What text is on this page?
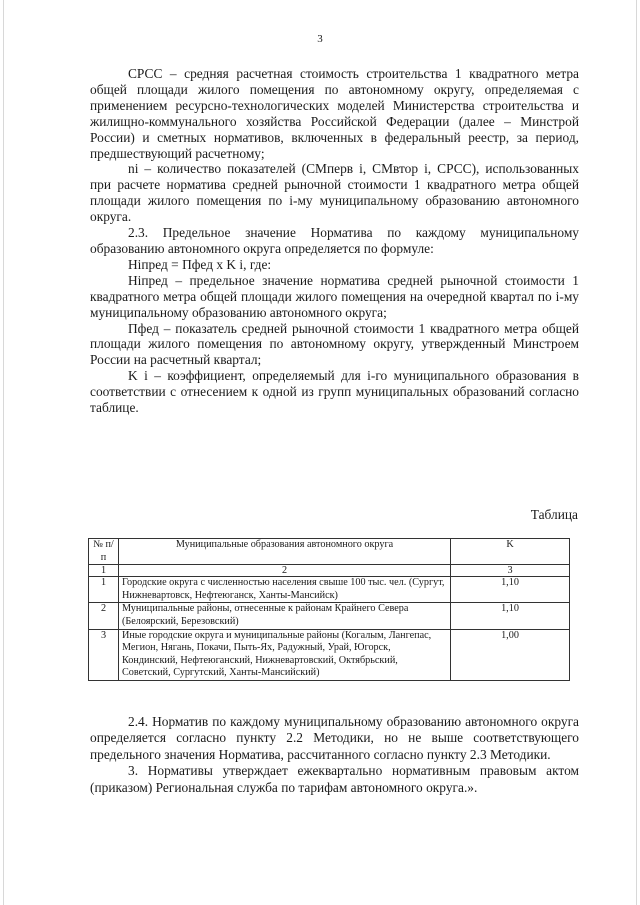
3

СРСС – средняя расчетная стоимость строительства 1 квадратного метра общей площади жилого помещения по автономному округу, определяемая с применением ресурсно-технологических моделей Министерства строительства и жилищно-коммунального хозяйства Российской Федерации (далее – Минстрой России) и сметных нормативов, включенных в федеральный реестр, за период, предшествующий расчетному;

ni – количество показателей (СМперв i, СМвтор i, СРСС), использованных при расчете норматива средней рыночной стоимости 1 квадратного метра общей площади жилого помещения по i-му муниципальному образованию автономного округа.

2.3. Предельное значение Норматива по каждому муниципальному образованию автономного округа определяется по формуле:

Нiпред = Пфед x K i, где:

Нiпред – предельное значение норматива средней рыночной стоимости 1 квадратного метра общей площади жилого помещения на очередной квартал по i-му муниципальному образованию автономного округа;

Пфед – показатель средней рыночной стоимости 1 квадратного метра общей площади жилого помещения по автономному округу, утвержденный Минстроем России на расчетный квартал;

K i – коэффициент, определяемый для i-го муниципального образования в соответствии с отнесением к одной из групп муниципальных образований согласно таблице.

Таблица
№ п/п	Муниципальные образования автономного округа	K
1	2	3
1	Городские округа с численностью населения свыше 100 тыс. чел. (Сургут, Нижневартовск, Нефтеюганск, Ханты-Мансийск)	1,10
2	Муниципальные районы, отнесенные к районам Крайнего Севера (Белоярский, Березовский)	1,10
3	Иные городские округа и муниципальные районы (Когалым, Лангепас, Мегион, Нягань, Покачи, Пыть-Ях, Радужный, Урай, Югорск, Кондинский, Нефтеюганский, Нижневартовский, Октябрьский, Советский, Сургутский, Ханты-Мансийский)	1,00

2.4. Норматив по каждому муниципальному образованию автономного округа определяется согласно пункту 2.2 Методики, но не выше соответствующего предельного значения Норматива, рассчитанного согласно пункту 2.3 Методики.

3. Нормативы утверждает ежеквартально нормативным правовым актом (приказом) Региональная служба по тарифам автономного округа.».
